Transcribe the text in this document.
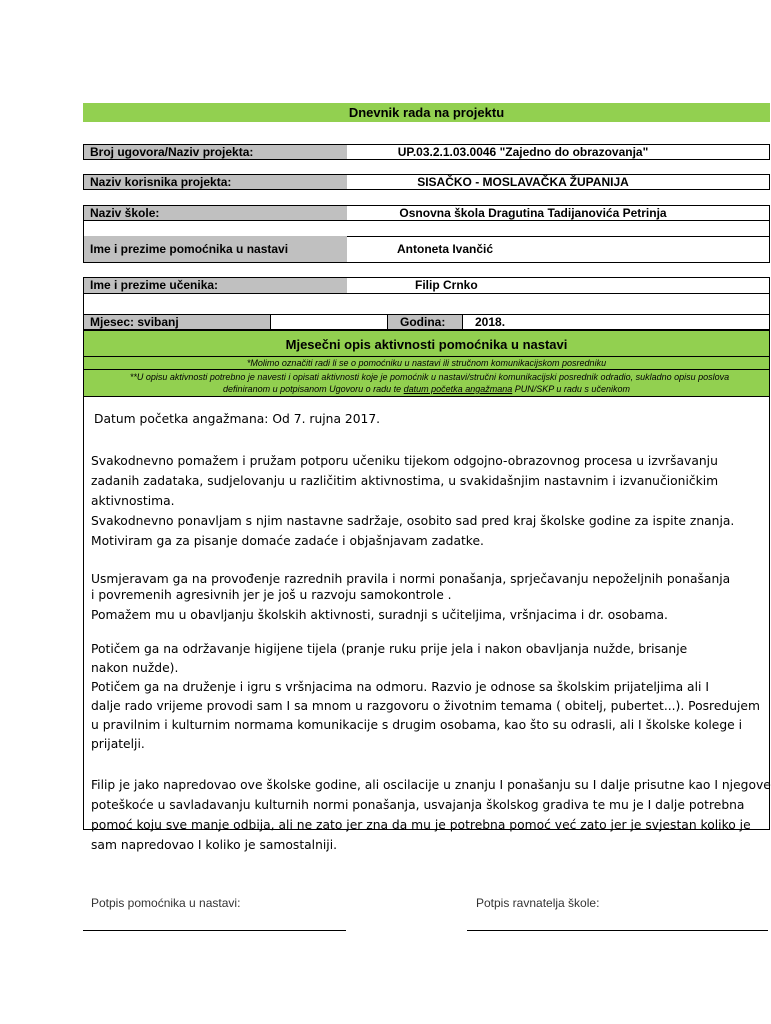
Dnevnik rada na projektu
Broj ugovora/Naziv projekta:	UP.03.2.1.03.0046 "Zajedno do obrazovanja"
Naziv korisnika projekta:	SISAČKO - MOSLAVAČKA ŽUPANIJA
Naziv škole:	Osnovna škola Dragutina Tadijanovića Petrinja
Ime i prezime pomoćnika u nastavi	Antoneta Ivančić
Ime i prezime učenika:	Filip Crnko
Mjesec: svibanj	Godina:	2018.
Mjesečni opis aktivnosti pomoćnika u nastavi
*Molimo označiti radi li se o pomoćniku u nastavi ili stručnom komunikacijskom posredniku
**U opisu aktivnosti potrebno je navesti i opisati aktivnosti koje je pomoćnik u nastavi/stručni komunikacijski posrednik odradio, sukladno opisu poslova
definiranom u potpisanom Ugovoru o radu te datum početka angažmana PUN/SKP u radu s učenikom
Datum početka angažmana: Od 7. rujna 2017.
Svakodnevno pomažem i pružam potporu učeniku tijekom odgojno-obrazovnog procesa u izvršavanju
zadanih zadataka, sudjelovanju u različitim aktivnostima, u svakidašnjim nastavnim i izvanučioničkim
aktivnostima.
Svakodnevno ponavljam s njim nastavne sadržaje, osobito sad pred kraj školske godine za ispite znanja.
Motiviram ga za pisanje domaće zadaće i objašnjavam zadatke.
Usmjeravam ga na provođenje razrednih pravila i normi ponašanja, sprječavanju nepoželjnih ponašanja
i povremenih agresivnih jer je još u razvoju samokontrole .
Pomažem mu u obavljanju školskih aktivnosti, suradnji s učiteljima, vršnjacima i dr. osobama.
Potičem ga na održavanje higijene tijela (pranje ruku prije jela i nakon obavljanja nužde, brisanje
nakon nužde).
Potičem ga na druženje i igru s vršnjacima na odmoru. Razvio je odnose sa školskim prijateljima ali I
dalje rado vrijeme provodi sam I sa mnom u razgovoru o životnim temama ( obitelj, pubertet...). Posredujem
u pravilnim i kulturnim normama komunikacije s drugim osobama, kao što su odrasli, ali I školske kolege i
prijatelji.
Filip je jako napredovao ove školske godine, ali oscilacije u znanju I ponašanju su I dalje prisutne kao I njegove
poteškoće u savladavanju kulturnih normi ponašanja, usvajanja školskog gradiva te mu je I dalje potrebna
pomoć koju sve manje odbija, ali ne zato jer zna da mu je potrebna pomoć već zato jer je svjestan koliko je
sam napredovao I koliko je samostalniji.
Potpis pomoćnika u nastavi:	Potpis ravnatelja škole:
